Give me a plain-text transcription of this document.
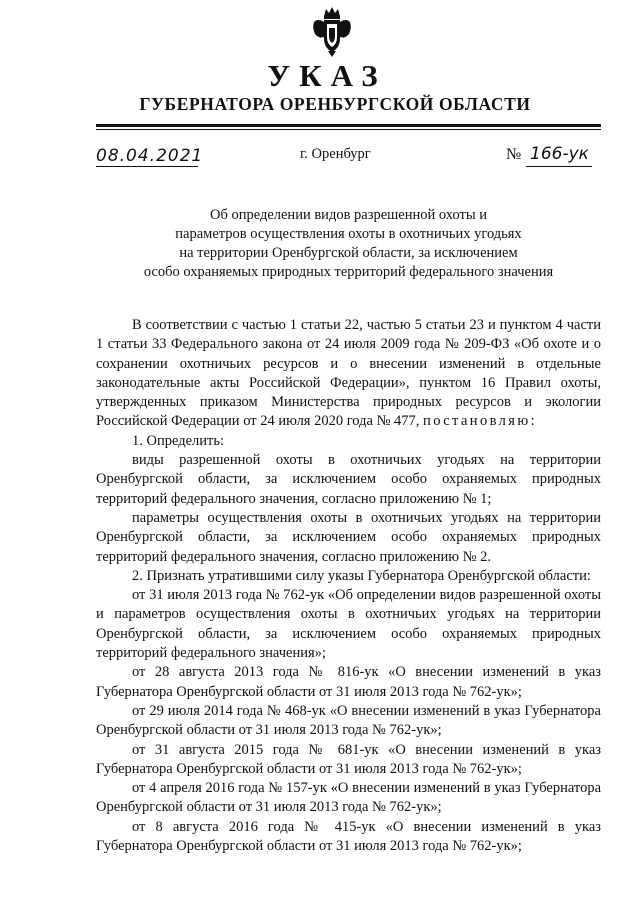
УКАЗ
ГУБЕРНАТОРА ОРЕНБУРГСКОЙ ОБЛАСТИ
08.04.2021	г. Оренбург	№ 166-ук
Об определении видов разрешенной охоты и
параметров осуществления охоты в охотничьих угодьях
на территории Оренбургской области, за исключением
особо охраняемых природных территорий федерального значения

В соответствии с частью 1 статьи 22, частью 5 статьи 23 и пунктом 4 части 1 статьи 33 Федерального закона от 24 июля 2009 года № 209-ФЗ «Об охоте и о сохранении охотничьих ресурсов и о внесении изменений в отдельные законодательные акты Российской Федерации», пунктом 16 Правил охоты, утвержденных приказом Министерства природных ресурсов и экологии Российской Федерации от 24 июля 2020 года № 477, постановляю:

1. Определить:

виды разрешенной охоты в охотничьих угодьях на территории Оренбургской области, за исключением особо охраняемых природных территорий федерального значения, согласно приложению № 1;

параметры осуществления охоты в охотничьих угодьях на территории Оренбургской области, за исключением особо охраняемых природных территорий федерального значения, согласно приложению № 2.

2. Признать утратившими силу указы Губернатора Оренбургской области:

от 31 июля 2013 года № 762-ук «Об определении видов разрешенной охоты и параметров осуществления охоты в охотничьих угодьях на территории Оренбургской области, за исключением особо охраняемых природных территорий федерального значения»;

от 28 августа 2013 года № 816-ук «О внесении изменений в указ Губернатора Оренбургской области от 31 июля 2013 года № 762-ук»;

от 29 июля 2014 года № 468-ук «О внесении изменений в указ Губернатора Оренбургской области от 31 июля 2013 года № 762-ук»;

от 31 августа 2015 года № 681-ук «О внесении изменений в указ Губернатора Оренбургской области от 31 июля 2013 года № 762-ук»;

от 4 апреля 2016 года № 157-ук «О внесении изменений в указ Губернатора Оренбургской области от 31 июля 2013 года № 762-ук»;

от 8 августа 2016 года № 415-ук «О внесении изменений в указ Губернатора Оренбургской области от 31 июля 2013 года № 762-ук»;
